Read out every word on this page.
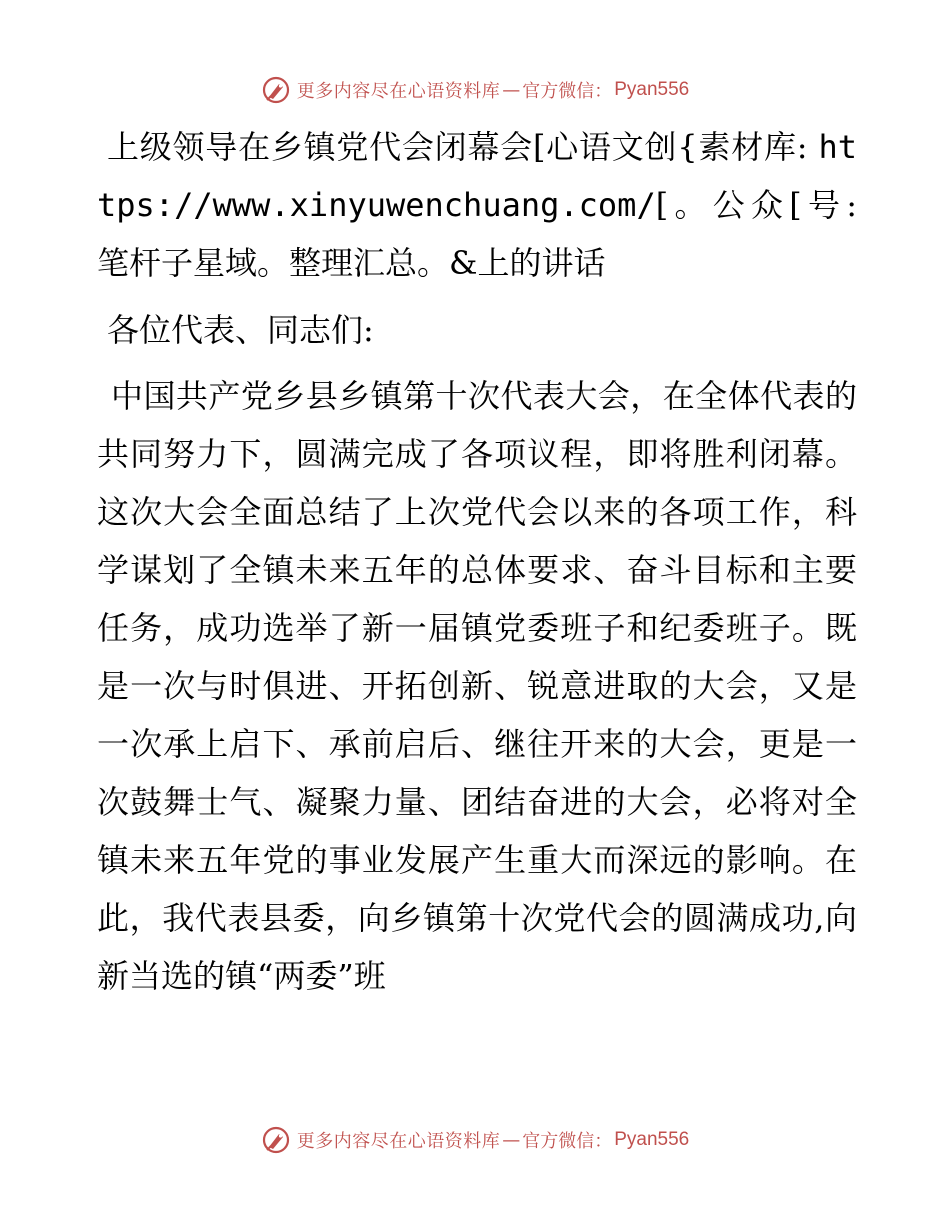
更多内容尽在心语资料库 — 官方微信： Pyan556

上级领导在乡镇党代会闭幕会[心语文创{素材库: https://www.xinyuwenchuang.com/[。公众[号: 笔杆子星域。整理汇总。&上的讲话

各位代表、同志们:

中国共产党乡县乡镇第十次代表大会，在全体代表的共同努力下，圆满完成了各项议程，即将胜利闭幕。这次大会全面总结了上次党代会以来的各项工作，科学谋划了全镇未来五年的总体要求、奋斗目标和主要任务，成功选举了新一届镇党委班子和纪委班子。既是一次与时俱进、开拓创新、锐意进取的大会，又是一次承上启下、承前启后、继往开来的大会，更是一次鼓舞士气、凝聚力量、团结奋进的大会，必将对全镇未来五年党的事业发展产生重大而深远的影响。在此，我代表县委，向乡镇第十次党代会的圆满成功,向新当选的镇“两委”班

更多内容尽在心语资料库 — 官方微信： Pyan556
